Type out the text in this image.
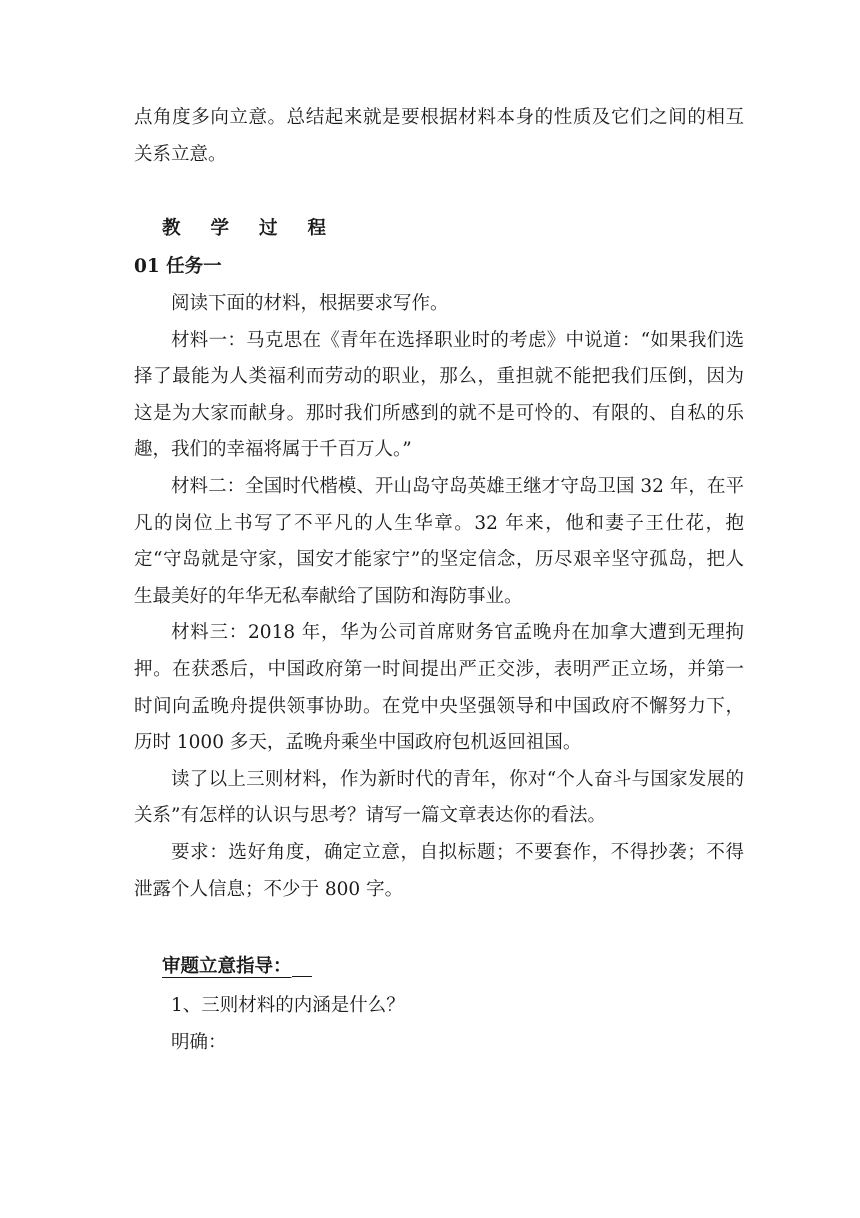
点角度多向立意。总结起来就是要根据材料本身的性质及它们之间的相互关系立意。

教学过程

01 任务一

阅读下面的材料，根据要求写作。

材料一：马克思在《青年在选择职业时的考虑》中说道：“如果我们选择了最能为人类福利而劳动的职业，那么，重担就不能把我们压倒，因为这是为大家而献身。那时我们所感到的就不是可怜的、有限的、自私的乐趣，我们的幸福将属于千百万人。”

材料二：全国时代楷模、开山岛守岛英雄王继才守岛卫国 32 年，在平凡的岗位上书写了不平凡的人生华章。32 年来，他和妻子王仕花，抱定“守岛就是守家，国安才能家宁”的坚定信念，历尽艰辛坚守孤岛，把人生最美好的年华无私奉献给了国防和海防事业。

材料三：2018 年，华为公司首席财务官孟晚舟在加拿大遭到无理拘押。在获悉后，中国政府第一时间提出严正交涉，表明严正立场，并第一时间向孟晚舟提供领事协助。在党中央坚强领导和中国政府不懈努力下，历时 1000 多天，孟晚舟乘坐中国政府包机返回祖国。

读了以上三则材料，作为新时代的青年，你对“个人奋斗与国家发展的关系”有怎样的认识与思考？请写一篇文章表达你的看法。

要求：选好角度，确定立意，自拟标题；不要套作，不得抄袭；不得泄露个人信息；不少于 800 字。

审题立意指导：

1、三则材料的内涵是什么？

明确：
